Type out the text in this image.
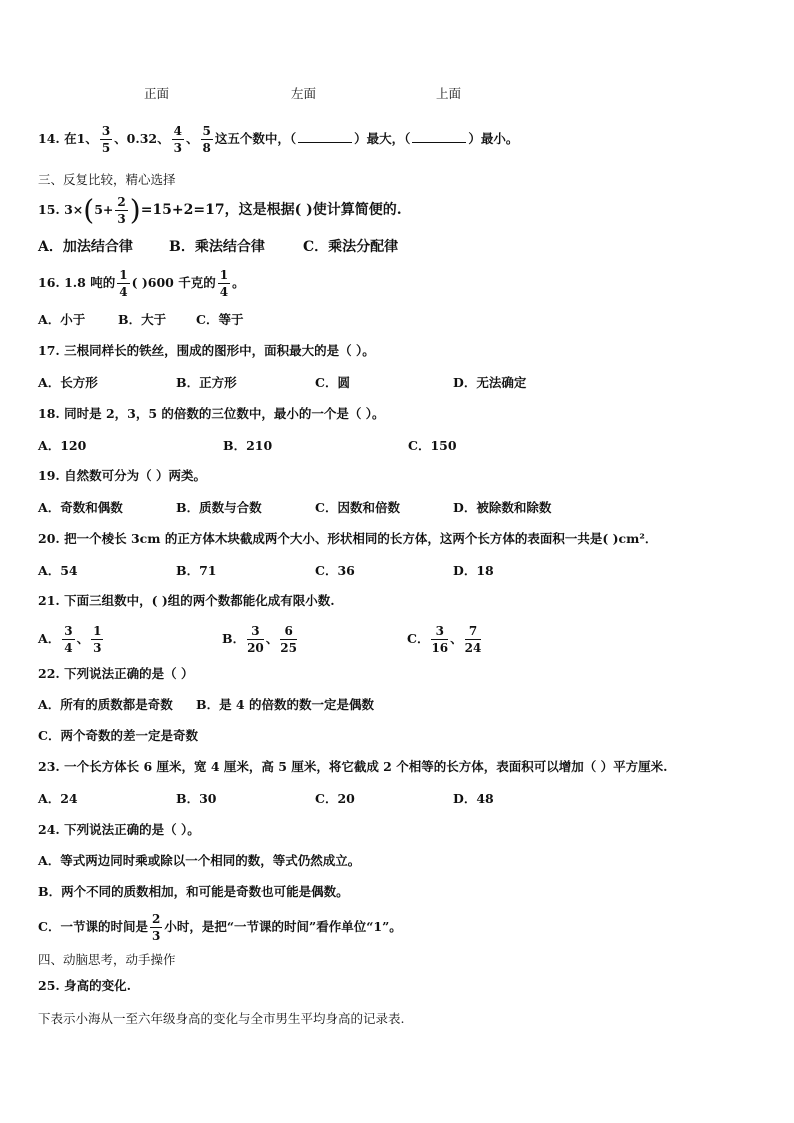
正面	左面	上面
14. 在1、 $\frac{3}{5}$ 、0.32、 $\frac{4}{3}$ 、 $\frac{5}{8}$ 这五个数中，（	）最大，（	）最小。
三、反复比较，精心选择
15. $3\times(5+ \frac{2}{3} )=15+2=17$，这是根据( )使计算简便的.
A．加法结合律	B．乘法结合律	C．乘法分配律
16. 1.8 吨的 $\frac{1}{4}$ ( )600 千克的 $\frac{1}{4}$ 。
A．小于	B．大于 C．等于
17. 三根同样长的铁丝，围成的图形中，面积最大的是（ ）。
A．长方形	B．正方形	C．圆	D．无法确定
18. 同时是 2，3，5 的倍数的三位数中，最小的一个是（ ）。
A．120	B．210	C．150
19. 自然数可分为（ ）两类。
A．奇数和偶数	B．质数与合数	C．因数和倍数	D．被除数和除数
20. 把一个棱长 3cm 的正方体木块截成两个大小、形状相同的长方体，这两个长方体的表面积一共是( )cm²．
A．54	B．71	C．36	D．18
21. 下面三组数中，( )组的两个数都能化成有限小数.
A． $\frac{3}{4}$ 、 $\frac{1}{3}$	B． $\frac{3}{20}$ 、 $\frac{6}{25}$	C． $\frac{3}{16}$ 、 $\frac{7}{24}$
22. 下列说法正确的是（ ）
A．所有的质数都是奇数 B．是 4 的倍数的数一定是偶数
C．两个奇数的差一定是奇数
23. 一个长方体长 6 厘米，宽 4 厘米，高 5 厘米，将它截成 2 个相等的长方体，表面积可以增加（ ）平方厘米.
A．24	B．30	C．20	D．48
24. 下列说法正确的是（ ）。
A．等式两边同时乘或除以一个相同的数，等式仍然成立。
B．两个不同的质数相加，和可能是奇数也可能是偶数。
C．一节课的时间是 $\frac{2}{3}$ 小时，是把“一节课的时间”看作单位“1”。
四、动脑思考，动手操作
25. 身高的变化.
下表示小海从一至六年级身高的变化与全市男生平均身高的记录表.
